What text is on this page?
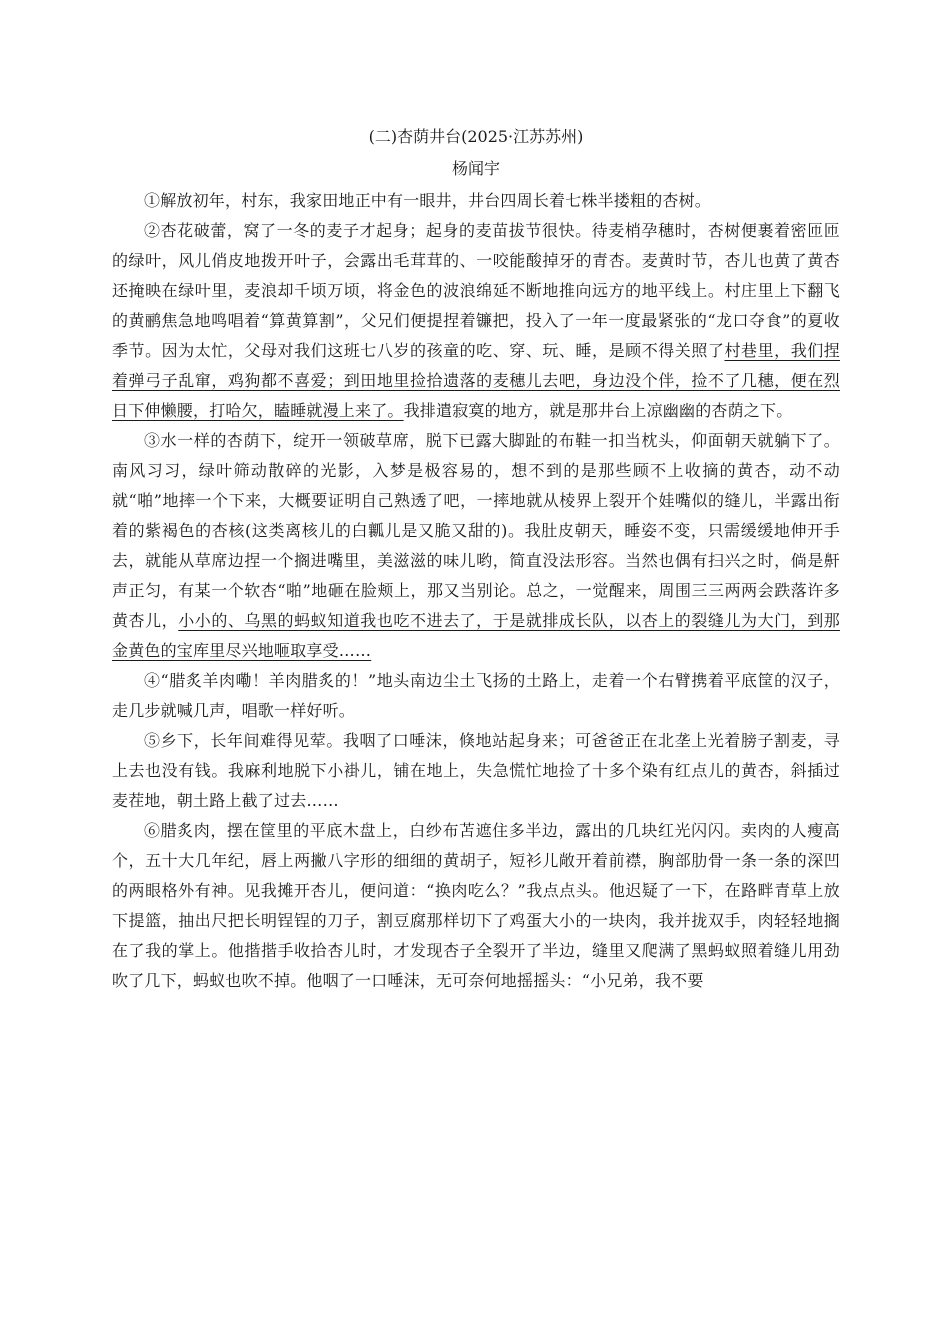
(二)杏荫井台(2025·江苏苏州)

杨闻宇

①解放初年，村东，我家田地正中有一眼井，井台四周长着七株半搂粗的杏树。

②杏花破蕾，窝了一冬的麦子才起身；起身的麦苗拔节很快。待麦梢孕穗时，杏树便裹着密匝匝的绿叶，风儿俏皮地拨开叶子，会露出毛茸茸的、一咬能酸掉牙的青杏。麦黄时节，杏儿也黄了黄杏还掩映在绿叶里，麦浪却千顷万顷，将金色的波浪绵延不断地推向远方的地平线上。村庄里上下翻飞的黄鹂焦急地鸣唱着“算黄算割”，父兄们便提捏着镰把，投入了一年一度最紧张的“龙口夺食”的夏收季节。因为太忙，父母对我们这班七八岁的孩童的吃、穿、玩、睡，是顾不得关照了村巷里，我们捏着弹弓子乱窜，鸡狗都不喜爱；到田地里捡拾遗落的麦穗儿去吧，身边没个伴，捡不了几穗，便在烈日下伸懒腰，打哈欠，瞌睡就漫上来了。我排遣寂寞的地方，就是那井台上凉幽幽的杏荫之下。

③水一样的杏荫下，绽开一领破草席，脱下已露大脚趾的布鞋一扣当枕头，仰面朝天就躺下了。南风习习，绿叶筛动散碎的光影，入梦是极容易的，想不到的是那些顾不上收摘的黄杏，动不动就“啪”地摔一个下来，大概要证明自己熟透了吧，一摔地就从棱界上裂开个娃嘴似的缝儿，半露出衔着的紫褐色的杏核(这类离核儿的白瓤儿是又脆又甜的)。我肚皮朝天，睡姿不变，只需缓缓地伸开手去，就能从草席边捏一个搁进嘴里，美滋滋的味儿哟，简直没法形容。当然也偶有扫兴之时，倘是鼾声正匀，有某一个软杏“啪”地砸在脸颊上，那又当别论。总之，一觉醒来，周围三三两两会跌落许多黄杏儿，小小的、乌黑的蚂蚁知道我也吃不进去了，于是就排成长队，以杏上的裂缝儿为大门，到那金黄色的宝库里尽兴地咂取享受……

④“腊炙羊肉嘞！羊肉腊炙的！”地头南边尘土飞扬的土路上，走着一个右臂携着平底筐的汉子，走几步就喊几声，唱歌一样好听。

⑤乡下，长年间难得见荤。我咽了口唾沫，倏地站起身来；可爸爸正在北垄上光着膀子割麦，寻上去也没有钱。我麻利地脱下小褂儿，铺在地上，失急慌忙地捡了十多个染有红点儿的黄杏，斜插过麦茬地，朝土路上截了过去……

⑥腊炙肉，摆在筐里的平底木盘上，白纱布苫遮住多半边，露出的几块红光闪闪。卖肉的人瘦高个，五十大几年纪，唇上两撇八字形的细细的黄胡子，短衫儿敞开着前襟，胸部肋骨一条一条的深凹的两眼格外有神。见我摊开杏儿，便问道：“换肉吃么？”我点点头。他迟疑了一下，在路畔青草上放下提篮，抽出尺把长明锃锃的刀子，割豆腐那样切下了鸡蛋大小的一块肉，我并拢双手，肉轻轻地搁在了我的掌上。他揩揩手收拾杏儿时，才发现杏子全裂开了半边，缝里又爬满了黑蚂蚁照着缝儿用劲吹了几下，蚂蚁也吹不掉。他咽了一口唾沫，无可奈何地摇摇头：“小兄弟，我不要
